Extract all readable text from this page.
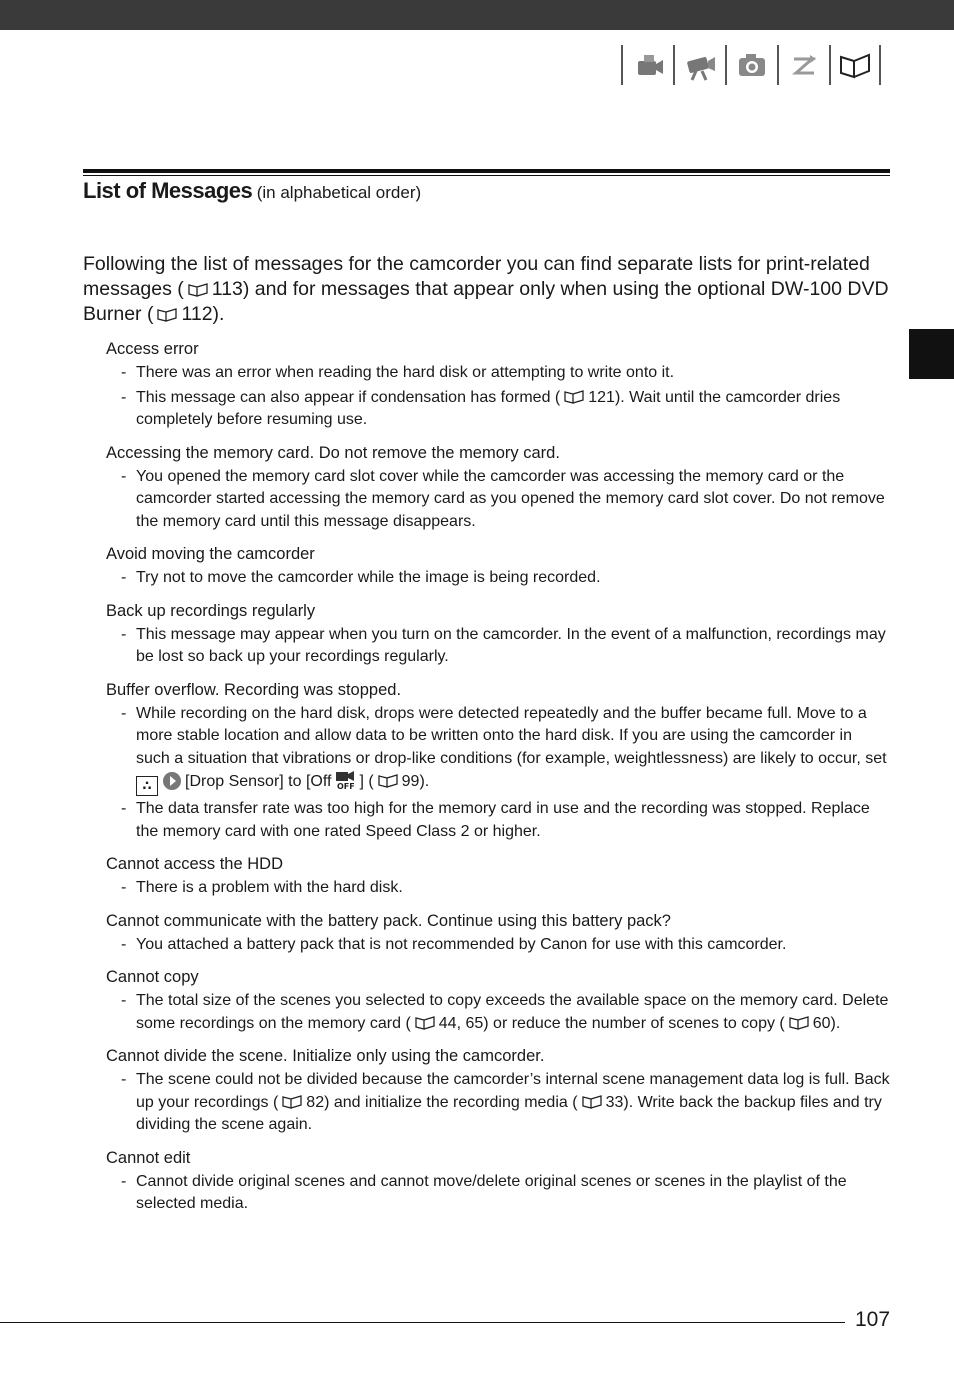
List of Messages (in alphabetical order)
Following the list of messages for the camcorder you can find separate lists for print-related messages ( 113) and for messages that appear only when using the optional DW-100 DVD Burner ( 112).
Access error
- There was an error when reading the hard disk or attempting to write onto it.
- This message can also appear if condensation has formed ( 121). Wait until the camcorder dries completely before resuming use.
Accessing the memory card. Do not remove the memory card.
- You opened the memory card slot cover while the camcorder was accessing the memory card or the camcorder started accessing the memory card as you opened the memory card slot cover. Do not remove the memory card until this message disappears.
Avoid moving the camcorder
- Try not to move the camcorder while the image is being recorded.
Back up recordings regularly
- This message may appear when you turn on the camcorder. In the event of a malfunction, recordings may be lost so back up your recordings regularly.
Buffer overflow. Recording was stopped.
- While recording on the hard disk, drops were detected repeatedly and the buffer became full. Move to a more stable location and allow data to be written onto the hard disk. If you are using the camcorder in such a situation that vibrations or drop-like conditions (for example, weightlessness) are likely to occur, set
∴ [Drop Sensor] to [Off OFF ] ( 99).
- The data transfer rate was too high for the memory card in use and the recording was stopped. Replace the memory card with one rated Speed Class 2 or higher.
Cannot access the HDD
- There is a problem with the hard disk.
Cannot communicate with the battery pack. Continue using this battery pack?
- You attached a battery pack that is not recommended by Canon for use with this camcorder.
Cannot copy
- The total size of the scenes you selected to copy exceeds the available space on the memory card. Delete some recordings on the memory card ( 44, 65) or reduce the number of scenes to copy ( 60).
Cannot divide the scene. Initialize only using the camcorder.
- The scene could not be divided because the camcorder’s internal scene management data log is full. Back up your recordings ( 82) and initialize the recording media ( 33). Write back the backup files and try dividing the scene again.
Cannot edit
- Cannot divide original scenes and cannot move/delete original scenes or scenes in the playlist of the selected media.
107
